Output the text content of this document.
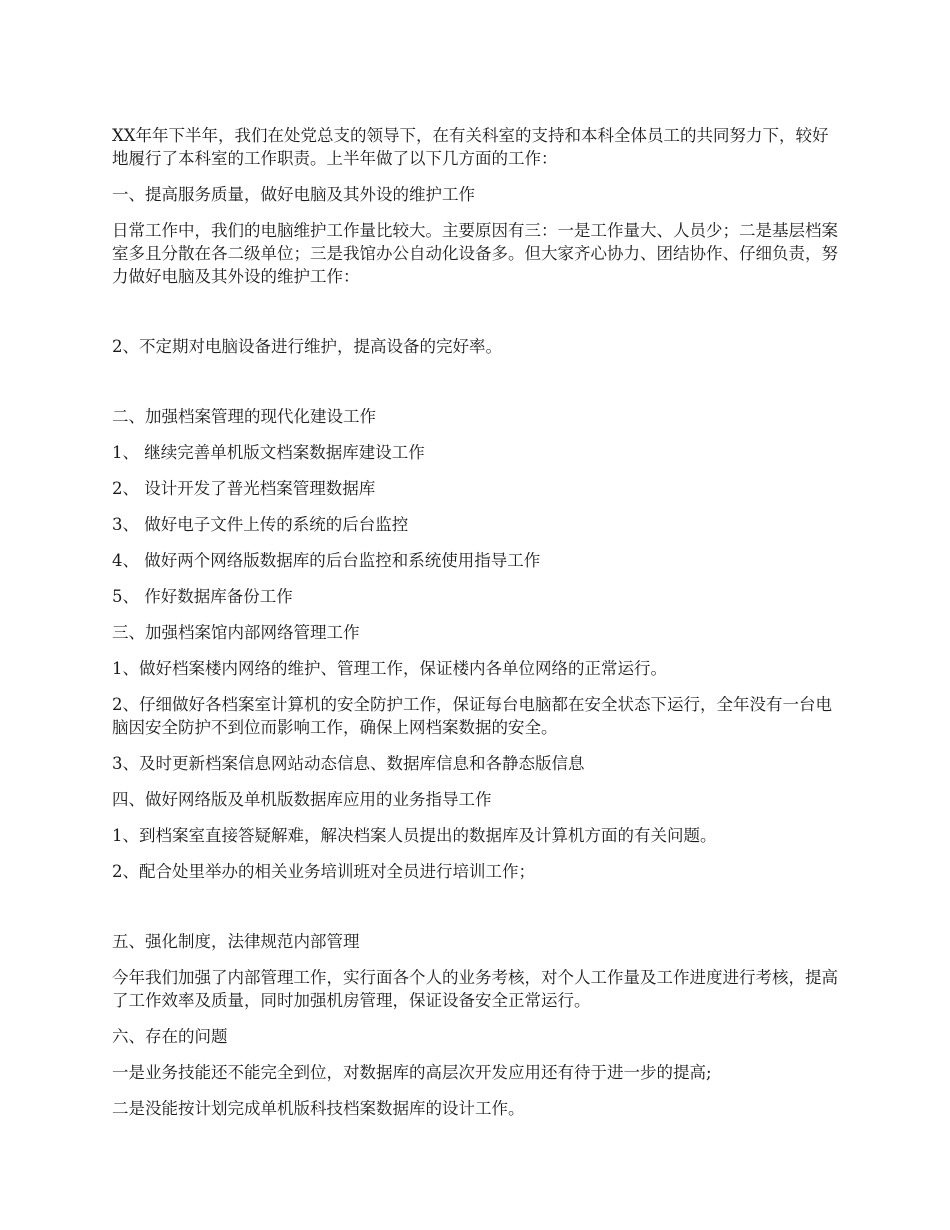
XX年年下半年，我们在处党总支的领导下，在有关科室的支持和本科全体员工的共同努力下，较好地履行了本科室的工作职责。上半年做了以下几方面的工作：

一、提高服务质量，做好电脑及其外设的维护工作

日常工作中，我们的电脑维护工作量比较大。主要原因有三：一是工作量大、人员少；二是基层档案室多且分散在各二级单位；三是我馆办公自动化设备多。但大家齐心协力、团结协作、仔细负责，努力做好电脑及其外设的维护工作：

2、不定期对电脑设备进行维护，提高设备的完好率。

二、加强档案管理的现代化建设工作

1、 继续完善单机版文档案数据库建设工作

2、 设计开发了普光档案管理数据库

3、 做好电子文件上传的系统的后台监控

4、 做好两个网络版数据库的后台监控和系统使用指导工作

5、 作好数据库备份工作

三、加强档案馆内部网络管理工作

1、做好档案楼内网络的维护、管理工作，保证楼内各单位网络的正常运行。

2、仔细做好各档案室计算机的安全防护工作，保证每台电脑都在安全状态下运行，全年没有一台电脑因安全防护不到位而影响工作，确保上网档案数据的安全。

3、及时更新档案信息网站动态信息、数据库信息和各静态版信息

四、做好网络版及单机版数据库应用的业务指导工作

1、到档案室直接答疑解难，解决档案人员提出的数据库及计算机方面的有关问题。

2、配合处里举办的相关业务培训班对全员进行培训工作；

五、强化制度，法律规范内部管理

今年我们加强了内部管理工作，实行面各个人的业务考核，对个人工作量及工作进度进行考核，提高了工作效率及质量，同时加强机房管理，保证设备安全正常运行。

六、存在的问题

一是业务技能还不能完全到位，对数据库的高层次开发应用还有待于进一步的提高;

二是没能按计划完成单机版科技档案数据库的设计工作。
